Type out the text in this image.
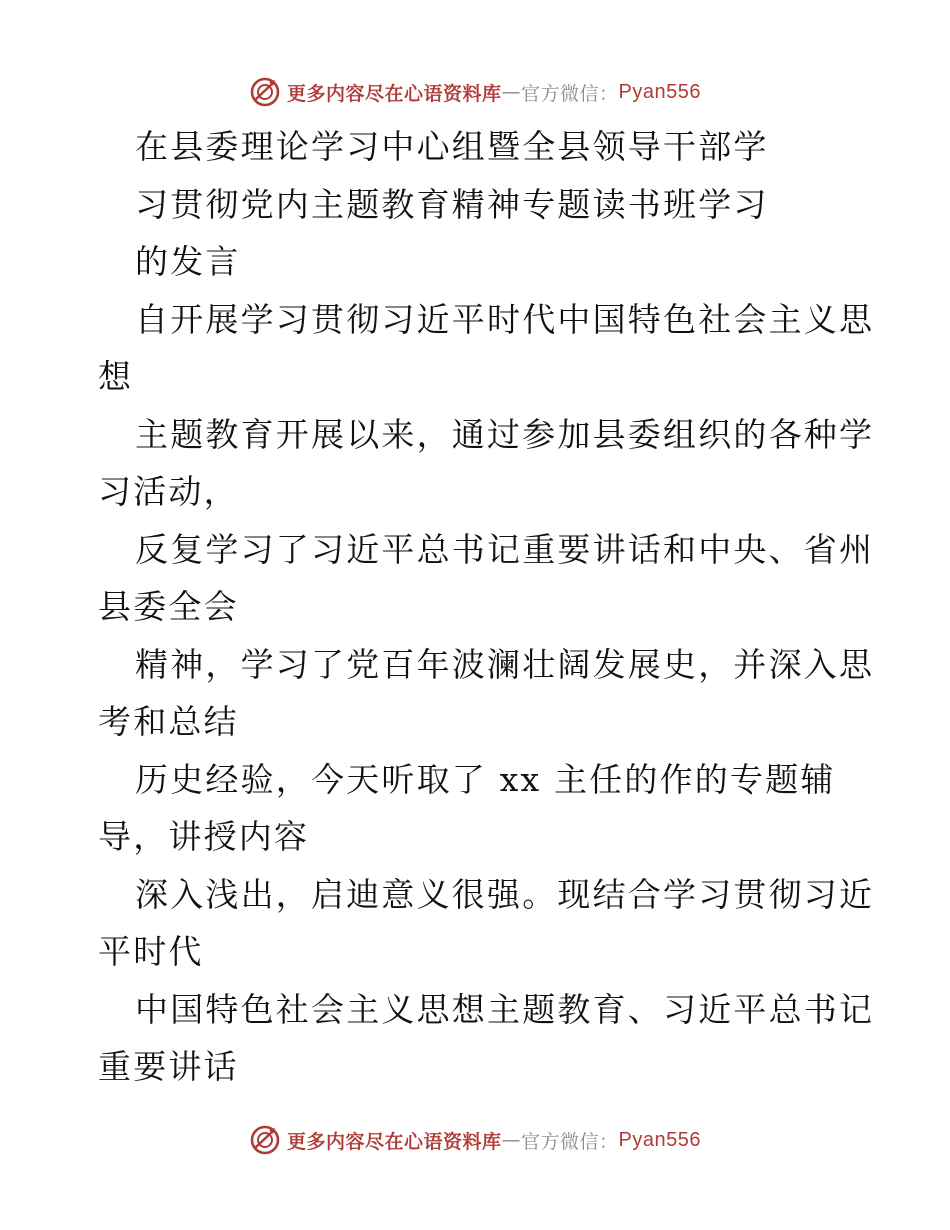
更多内容尽在心语资料库 — 官方微信： Pyan556
在县委理论学习中心组暨全县领导干部学
习贯彻党内主题教育精神专题读书班学习
的发言
自开展学习贯彻习近平时代中国特色社会主义思
想
主题教育开展以来，通过参加县委组织的各种学
习活动，
反复学习了习近平总书记重要讲话和中央、省州
县委全会
精神，学习了党百年波澜壮阔发展史，并深入思
考和总结
历史经验，今天听取了 xx 主任的作的专题辅
导，讲授内容
深入浅出，启迪意义很强。现结合学习贯彻习近
平时代
中国特色社会主义思想主题教育、习近平总书记
重要讲话
更多内容尽在心语资料库 — 官方微信： Pyan556
